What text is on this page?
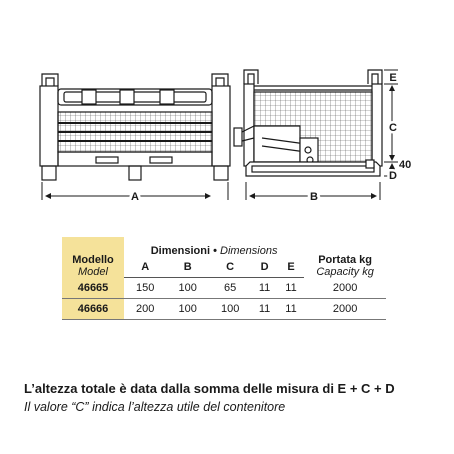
A	B
E
C
40
D
Modello
Model	Dimensioni • Dimensions					Portata kg
Capacity kg
	A	B	C	D	E	
46665	150	100	65	11	11	2000
46666	200	100	100	11	11	2000
L’altezza totale è data dalla somma delle misura di E + C + D
Il valore “C” indica l’altezza utile del contenitore
